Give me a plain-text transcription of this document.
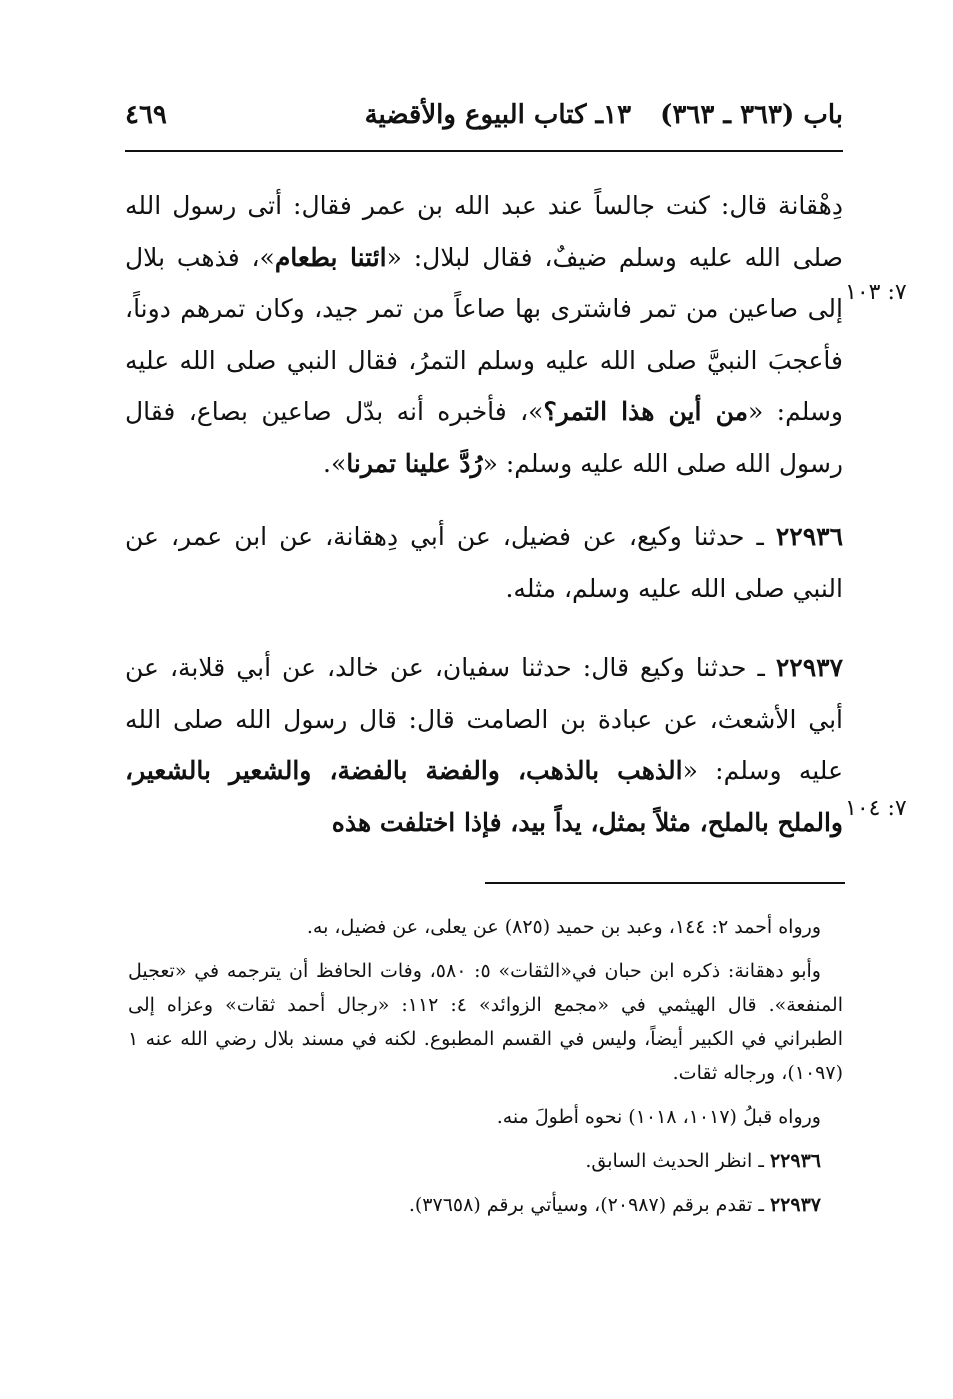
باب (٣٦٣ ـ ٣٦٣) ١٣ـ كتاب البيوع والأقضية
٤٦٩
٧: ١٠٣
٧: ١٠٤

دِهْقانة قال: كنت جالساً عند عبد الله بن عمر فقال: أتى رسول الله صلى الله عليه وسلم ضيفٌ، فقال لبلال: «ائتنا بطعام»، فذهب بلال إلى صاعين من تمر فاشترى بها صاعاً من تمر جيد، وكان تمرهم دوناً، فأعجبَ النبيَّ صلى الله عليه وسلم التمرُ، فقال النبي صلى الله عليه وسلم: «من أين هذا التمر؟»، فأخبره أنه بدّل صاعين بصاع، فقال رسول الله صلى الله عليه وسلم: «رُدَّ علينا تمرنا».

٢٢٩٣٦ ـ حدثنا وكيع، عن فضيل، عن أبي دِهقانة، عن ابن عمر، عن النبي صلى الله عليه وسلم، مثله.

٢٢٩٣٧ ـ حدثنا وكيع قال: حدثنا سفيان، عن خالد، عن أبي قلابة، عن أبي الأشعث، عن عبادة بن الصامت قال: قال رسول الله صلى الله عليه وسلم: «الذهب بالذهب، والفضة بالفضة، والشعير بالشعير، والملح بالملح، مثلاً بمثل، يداً بيد، فإذا اختلفت هذه

ورواه أحمد ٢: ١٤٤، وعبد بن حميد (٨٢٥) عن يعلى، عن فضيل، به.

وأبو دهقانة: ذكره ابن حبان في«الثقات» ٥: ٥٨٠، وفات الحافظ أن يترجمه في «تعجيل المنفعة». قال الهيثمي في «مجمع الزوائد» ٤: ١١٢: «رجال أحمد ثقات» وعزاه إلى الطبراني في الكبير أيضاً، وليس في القسم المطبوع. لكنه في مسند بلال رضي الله عنه ١ (١٠٩٧)، ورجاله ثقات.

ورواه قبلُ (١٠١٧، ١٠١٨) نحوه أطولَ منه.

٢٢٩٣٦ ـ انظر الحديث السابق.

٢٢٩٣٧ ـ تقدم برقم (٢٠٩٨٧)، وسيأتي برقم (٣٧٦٥٨).
